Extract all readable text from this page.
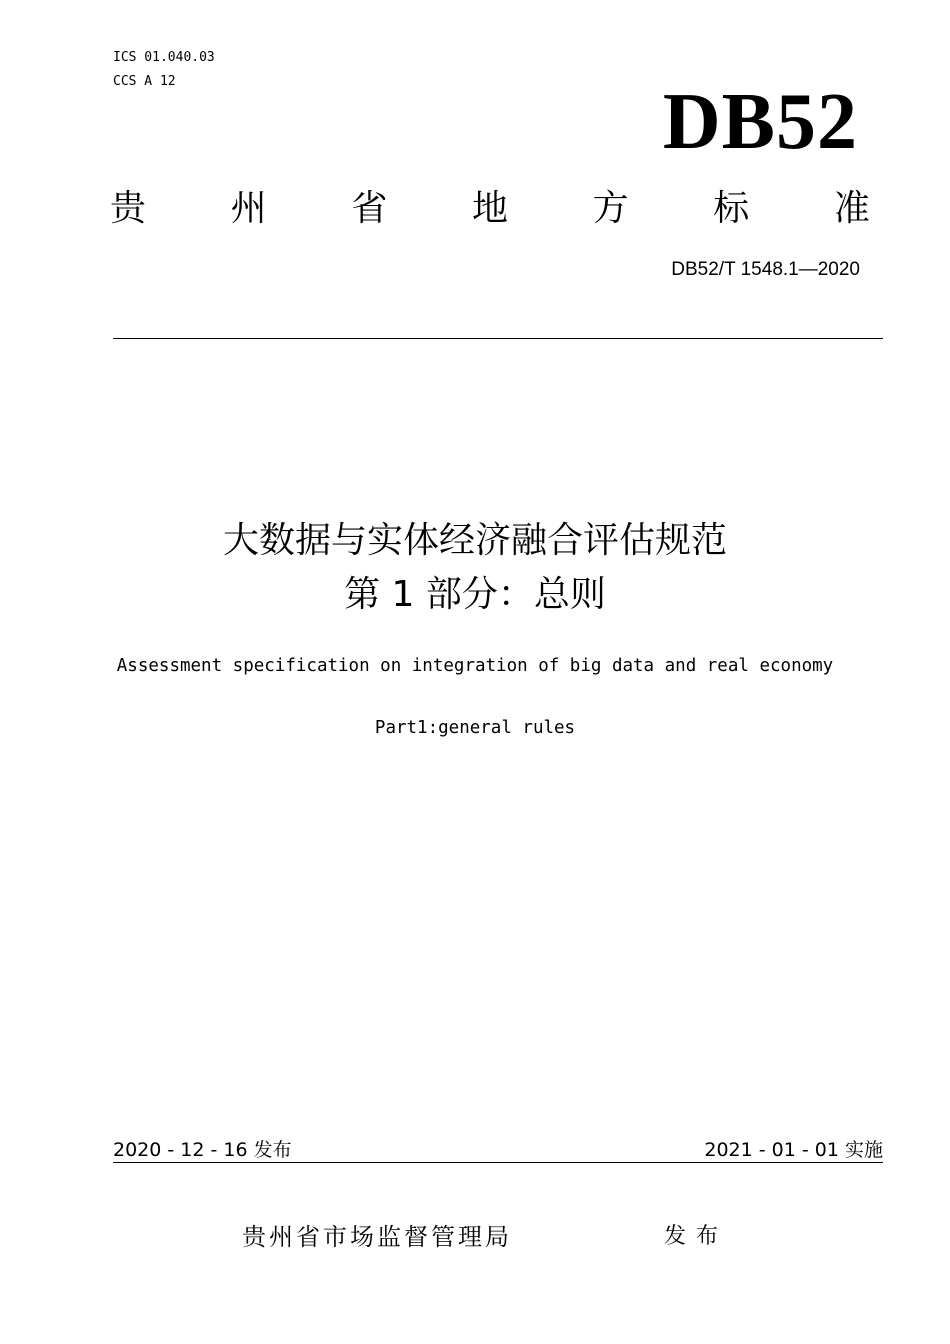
ICS 01.040.03
CCS A 12	DB52
贵 州 省 地 方 标 准
DB52/T 1548.1—2020
大数据与实体经济融合评估规范
第 1 部分：总则
Assessment specification on integration of big data and real economy
Part1:general rules
2020 - 12 - 16 发布	2021 - 01 - 01 实施
贵州省市场监督管理局	发布
